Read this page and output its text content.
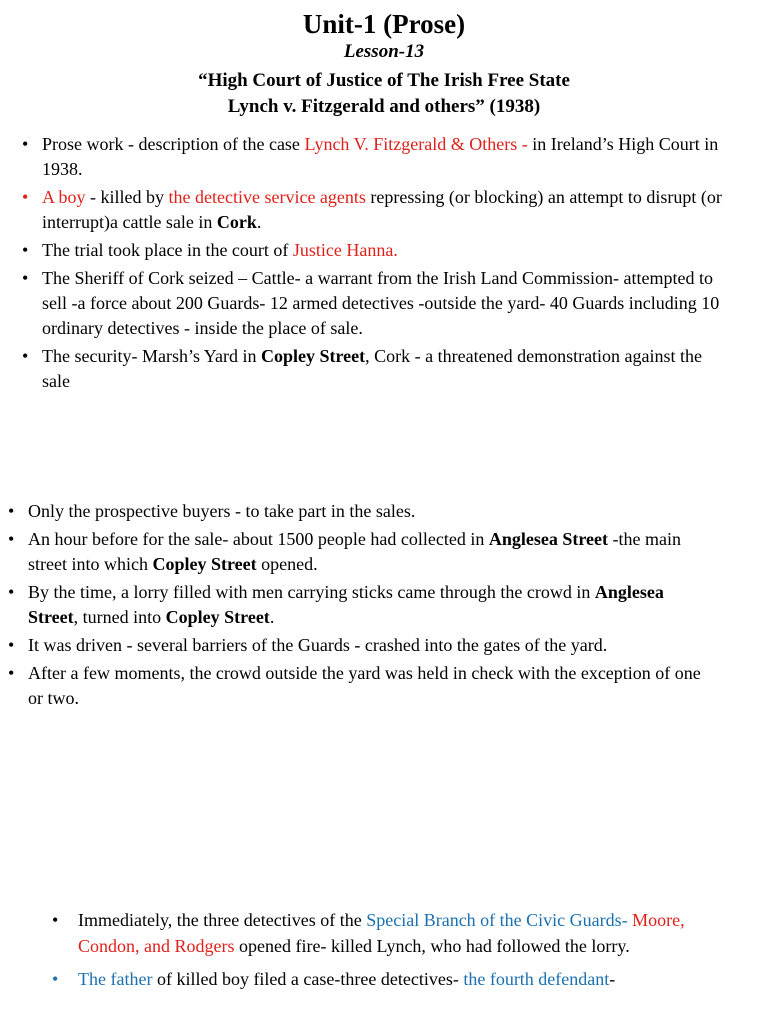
Unit-1 (Prose)
Lesson-13
“High Court of Justice of The Irish Free State
Lynch v. Fitzgerald and others” (1938)
• Prose work - description of the case Lynch V. Fitzgerald & Others - in Ireland’s High Court in 1938.
• A boy - killed by the detective service agents repressing (or blocking) an attempt to disrupt (or interrupt)a cattle sale in Cork.
• The trial took place in the court of Justice Hanna.
• The Sheriff of Cork seized – Cattle- a warrant from the Irish Land Commission- attempted to sell -a force about 200 Guards- 12 armed detectives -outside the yard- 40 Guards including 10 ordinary detectives - inside the place of sale.
• The security- Marsh’s Yard in Copley Street, Cork - a threatened demonstration against the sale
• Only the prospective buyers - to take part in the sales.
• An hour before for the sale- about 1500 people had collected in Anglesea Street -the main street into which Copley Street opened.
• By the time, a lorry filled with men carrying sticks came through the crowd in Anglesea Street, turned into Copley Street.
• It was driven - several barriers of the Guards - crashed into the gates of the yard.
• After a few moments, the crowd outside the yard was held in check with the exception of one or two.
• Immediately, the three detectives of the Special Branch of the Civic Guards- Moore, Condon, and Rodgers opened fire- killed Lynch, who had followed the lorry.
• The father of killed boy filed a case-three detectives- the fourth defendant-
